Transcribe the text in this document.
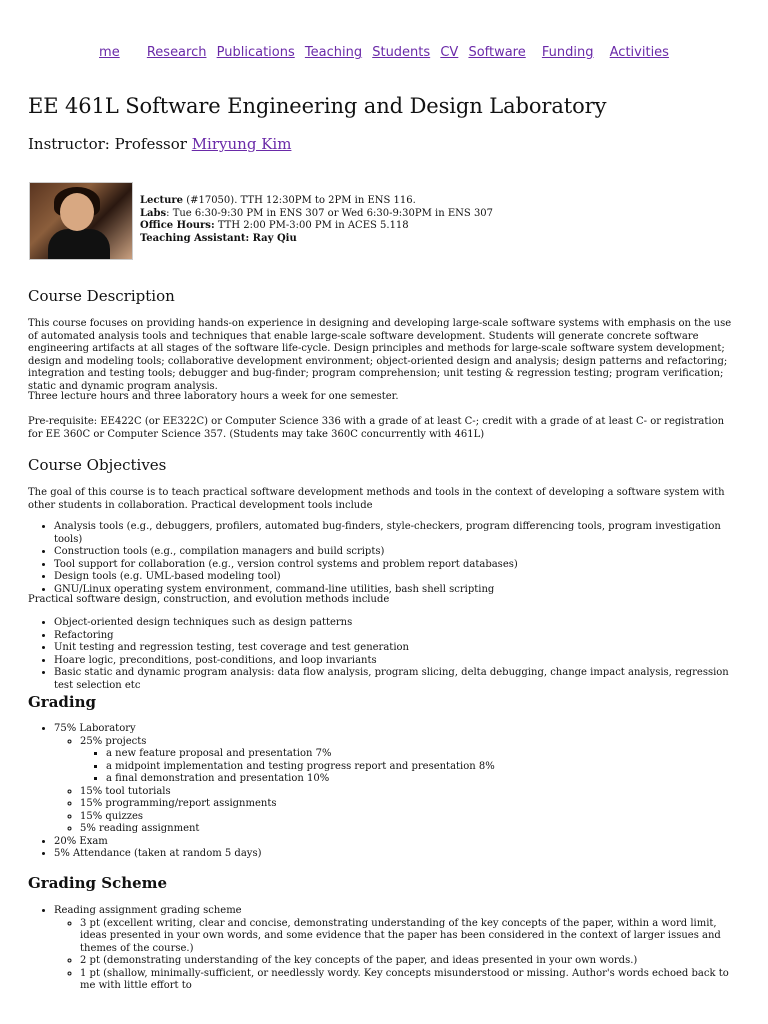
me Research Publications Teaching Students CV Software Funding Activities
EE 461L Software Engineering and Design Laboratory
Instructor: Professor Miryung Kim
Lecture (#17050). TTH 12:30PM to 2PM in ENS 116.
Labs: Tue 6:30-9:30 PM in ENS 307 or Wed 6:30-9:30PM in ENS 307
Office Hours: TTH 2:00 PM-3:00 PM in ACES 5.118
Teaching Assistant: Ray Qiu
Course Description

This course focuses on providing hands-on experience in designing and developing large-scale software systems with emphasis on the use of automated analysis tools and techniques that enable large-scale software development. Students will generate concrete software engineering artifacts at all stages of the software life-cycle. Design principles and methods for large-scale software system development; design and modeling tools; collaborative development environment; object-oriented design and analysis; design patterns and refactoring; integration and testing tools; debugger and bug-finder; program comprehension; unit testing & regression testing; program verification; static and dynamic program analysis.

Three lecture hours and three laboratory hours a week for one semester.

Pre-requisite: EE422C (or EE322C) or Computer Science 336 with a grade of at least C-; credit with a grade of at least C- or registration for EE 360C or Computer Science 357. (Students may take 360C concurrently with 461L)

Course Objectives

The goal of this course is to teach practical software development methods and tools in the context of developing a software system with other students in collaboration. Practical development tools include

• Analysis tools (e.g., debuggers, profilers, automated bug-finders, style-checkers, program differencing tools, program investigation tools)
• Construction tools (e.g., compilation managers and build scripts)
• Tool support for collaboration (e.g., version control systems and problem report databases)
• Design tools (e.g. UML-based modeling tool)
• GNU/Linux operating system environment, command-line utilities, bash shell scripting

Practical software design, construction, and evolution methods include

• Object-oriented design techniques such as design patterns
• Refactoring
• Unit testing and regression testing, test coverage and test generation
• Hoare logic, preconditions, post-conditions, and loop invariants
• Basic static and dynamic program analysis: data flow analysis, program slicing, delta debugging, change impact analysis, regression test selection etc
Grading
• 75% Laboratory
◦ 25% projects
▪ a new feature proposal and presentation 7%
▪ a midpoint implementation and testing progress report and presentation 8%
▪ a final demonstration and presentation 10%
◦ 15% tool tutorials
◦ 15% programming/report assignments
◦ 15% quizzes
◦ 5% reading assignment
• 20% Exam
• 5% Attendance (taken at random 5 days)
Grading Scheme
• Reading assignment grading scheme
◦ 3 pt (excellent writing, clear and concise, demonstrating understanding of the key concepts of the paper, within a word limit, ideas presented in your own words, and some evidence that the paper has been considered in the context of larger issues and themes of the course.)
◦ 2 pt (demonstrating understanding of the key concepts of the paper, and ideas presented in your own words.)
◦ 1 pt (shallow, minimally-sufficient, or needlessly wordy. Key concepts misunderstood or missing. Author's words echoed back to me with little effort to
